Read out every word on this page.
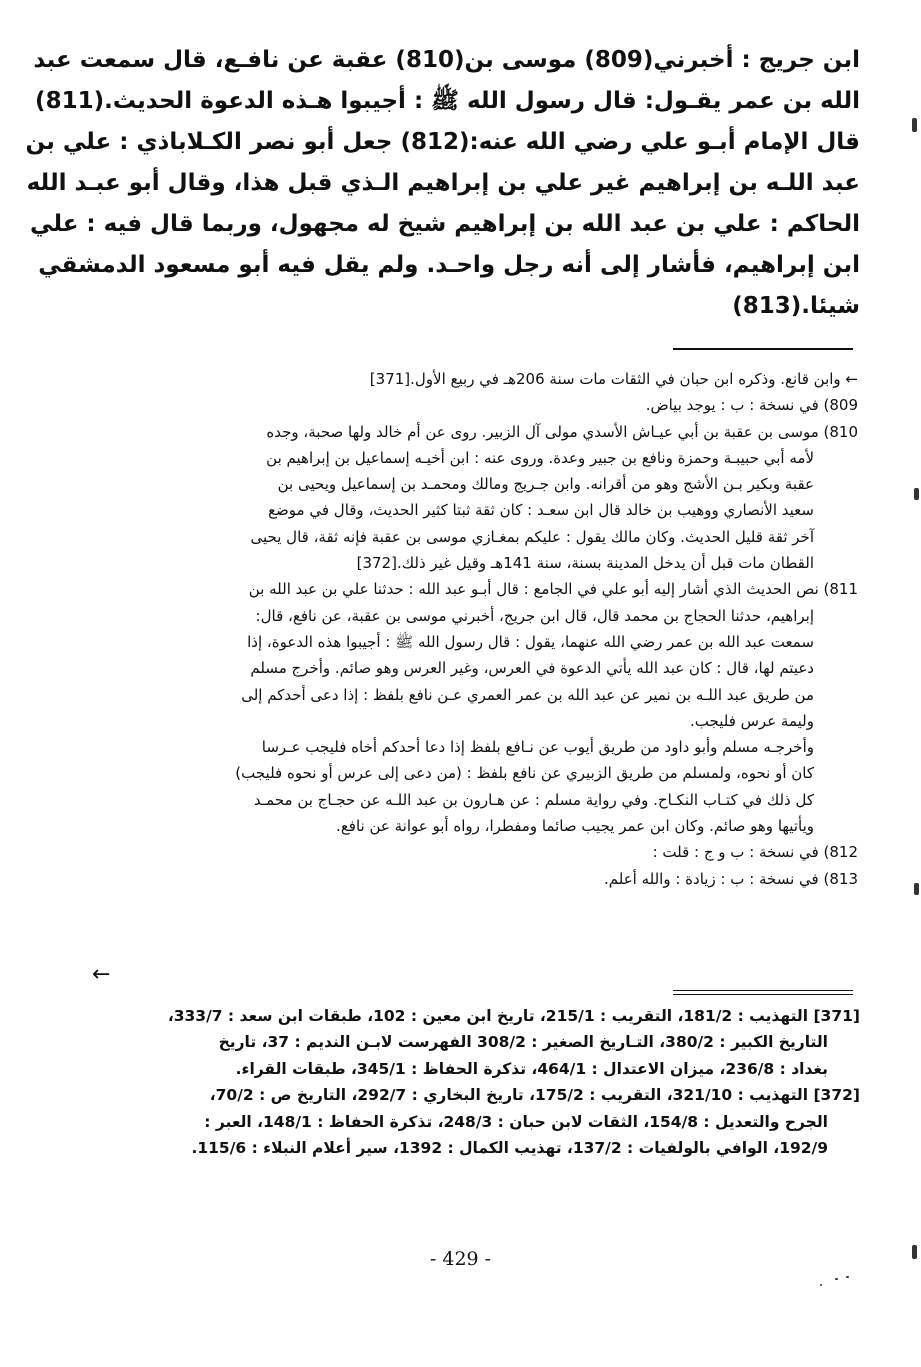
ابن جريج : أخبرني(809) موسى بن(810) عقبة عن نافـع، قال سمعت عبد
الله بن عمر يقـول: قال رسول الله ﷺ : أجيبوا هـذه الدعوة الحديث.(811)
قال الإمام أبـو علي رضي الله عنه:(812) جعل أبو نصر الكـلاباذي : علي بن
عبد اللـه بن إبراهيم غير علي بن إبراهيم الـذي قبل هذا، وقال أبو عبـد الله
الحاكم : علي بن عبد الله بن إبراهيم شيخ له مجهول، وربما قال فيه : علي
ابن إبراهيم، فأشار إلى أنه رجل واحـد. ولم يقل فيه أبو مسعود الدمشقي
شيئا.(813)
← وابن قانع. وذكره ابن حبان في الثقات مات سنة 206هـ في ربيع الأول.[371]
809) في نسخة : ب : يوجد بياض.
810) موسى بن عقبة بن أبي عيـاش الأسدي مولى آل الزبير. روى عن أم خالد ولها صحبة، وجده
لأمه أبي حبيبـة وحمزة ونافع بن جبير وعدة. وروى عنه : ابن أخيـه إسماعيل بن إبراهيم بن
عقبة وبكير بـن الأشج وهو من أقرانه. وابن جـريج ومالك ومحمـد بن إسماعيل ويحيى بن
سعيد الأنصاري ووهيب بن خالد قال ابن سعـد : كان ثقة ثبتا كثير الحديث، وقال في موضع
آخر ثقة قليل الحديث. وكان مالك يقول : عليكم بمغـازي موسى بن عقبة فإنه ثقة، قال يحيى
القطان مات قبل أن يدخل المدينة بسنة، سنة 141هـ وقيل غير ذلك.[372]
811) نص الحديث الذي أشار إليه أبو علي في الجامع : قال أبـو عبد الله : حدثنا علي بن عبد الله بن
إبراهيم، حدثنا الحجاج بن محمد قال، قال ابن جريج، أخبرني موسى بن عقبة، عن نافع، قال:
سمعت عبد الله بن عمر رضي الله عنهما، يقول : قال رسول الله ﷺ : أجيبوا هذه الدعوة، إذا
دعيتم لها، قال : كان عبد الله يأتي الدعوة في العرس، وغير العرس وهو صائم. وأخرج مسلم
من طريق عبد اللـه بن نمير عن عبد الله بن عمر العمري عـن نافع بلفظ : إذا دعى أحدكم إلى
وليمة عرس فليجب.
وأخرجـه مسلم وأبو داود من طريق أيوب عن نـافع بلفظ إذا دعا أحدكم أخاه فليجب عـرسا
كان أو نحوه، ولمسلم من طريق الزبيري عن نافع بلفظ : (من دعى إلى عرس أو نحوه فليجب)
كل ذلك في كتـاب النكـاح. وفي رواية مسلم : عن هـارون بن عبد اللـه عن حجـاج بن محمـد
ويأتيها وهو صائم. وكان ابن عمر يجيب صائما ومفطرا، رواه أبو عوانة عن نافع.
812) في نسخة : ب و ج : قلت :
813) في نسخة : ب : زيادة : والله أعلم.
←
[371] التهذيب : 181/2، التقريب : 215/1، تاريخ ابن معين : 102، طبقات ابن سعد : 333/7،
التاريخ الكبير : 380/2، التـاريخ الصغير : 308/2 الفهرست لابـن النديم : 37، تاريخ
بغداد : 236/8، ميزان الاعتدال : 464/1، تذكرة الحفاظ : 345/1، طبقات القراء.
[372] التهذيب : 321/10، التقريب : 175/2، تاريخ البخاري : 292/7، التاريخ ص : 70/2،
الجرح والتعديل : 154/8، الثقات لابن حبان : 248/3، تذكرة الحفاظ : 148/1، العبر :
192/9، الوافي بالولفيات : 137/2، تهذيب الكمال : 1392، سير أعلام النبلاء : 115/6.
- 429 -
